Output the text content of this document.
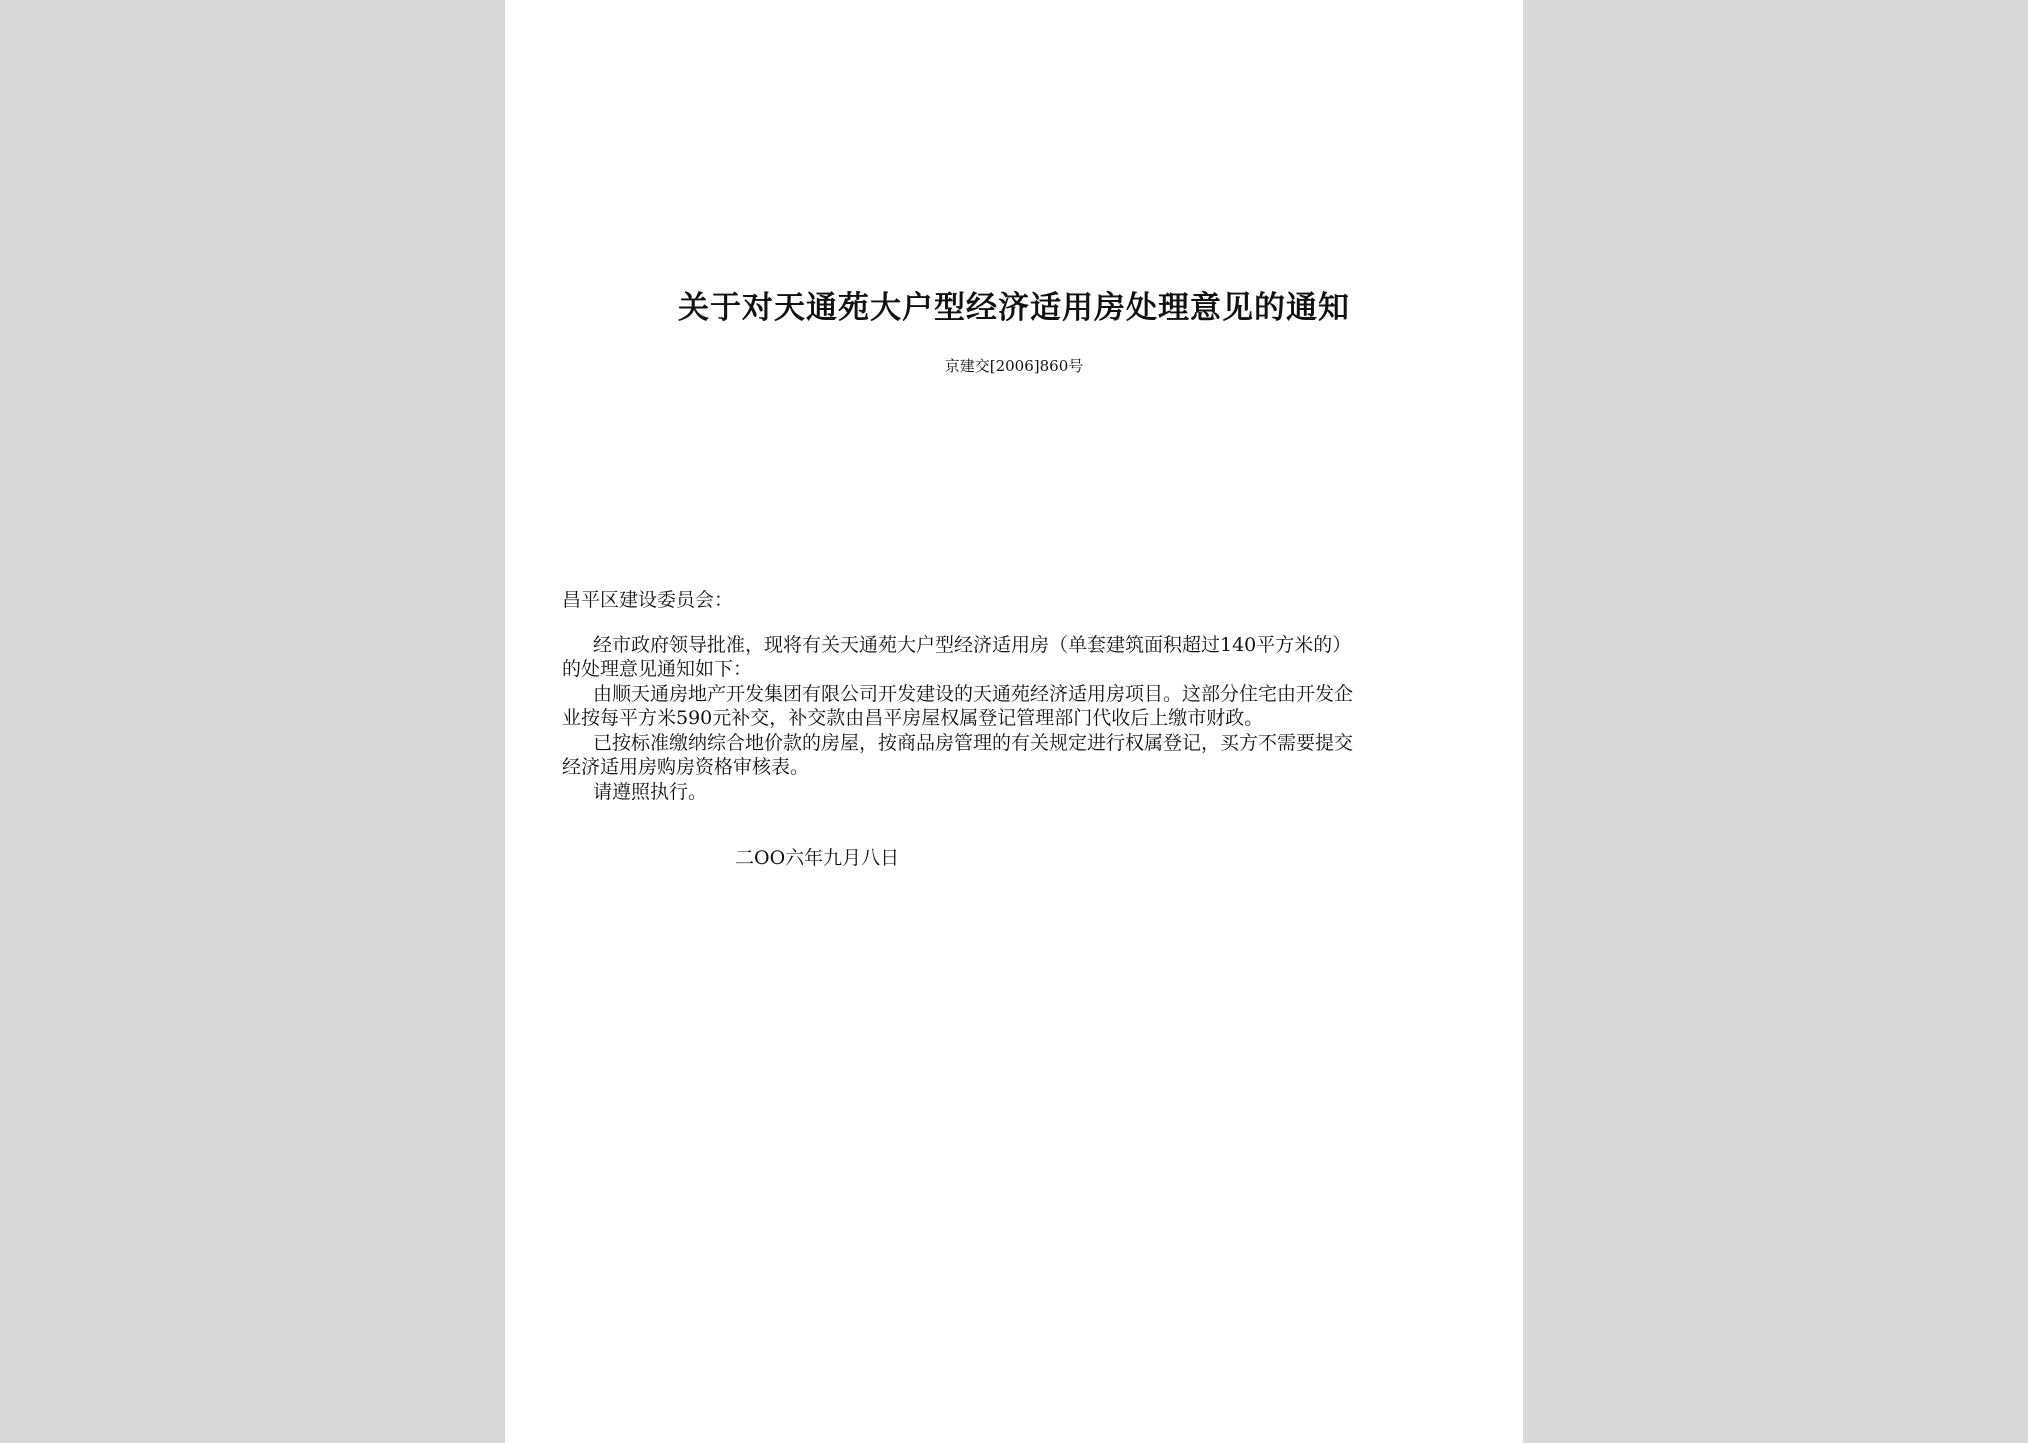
关于对天通苑大户型经济适用房处理意见的通知
京建交[2006]860号
昌平区建设委员会：
经市政府领导批准，现将有关天通苑大户型经济适用房（单套建筑面积超过140平方米的）
的处理意见通知如下：
由顺天通房地产开发集团有限公司开发建设的天通苑经济适用房项目。这部分住宅由开发企
业按每平方米590元补交，补交款由昌平房屋权属登记管理部门代收后上缴市财政。
已按标准缴纳综合地价款的房屋，按商品房管理的有关规定进行权属登记，买方不需要提交
经济适用房购房资格审核表。
请遵照执行。
二OO六年九月八日
